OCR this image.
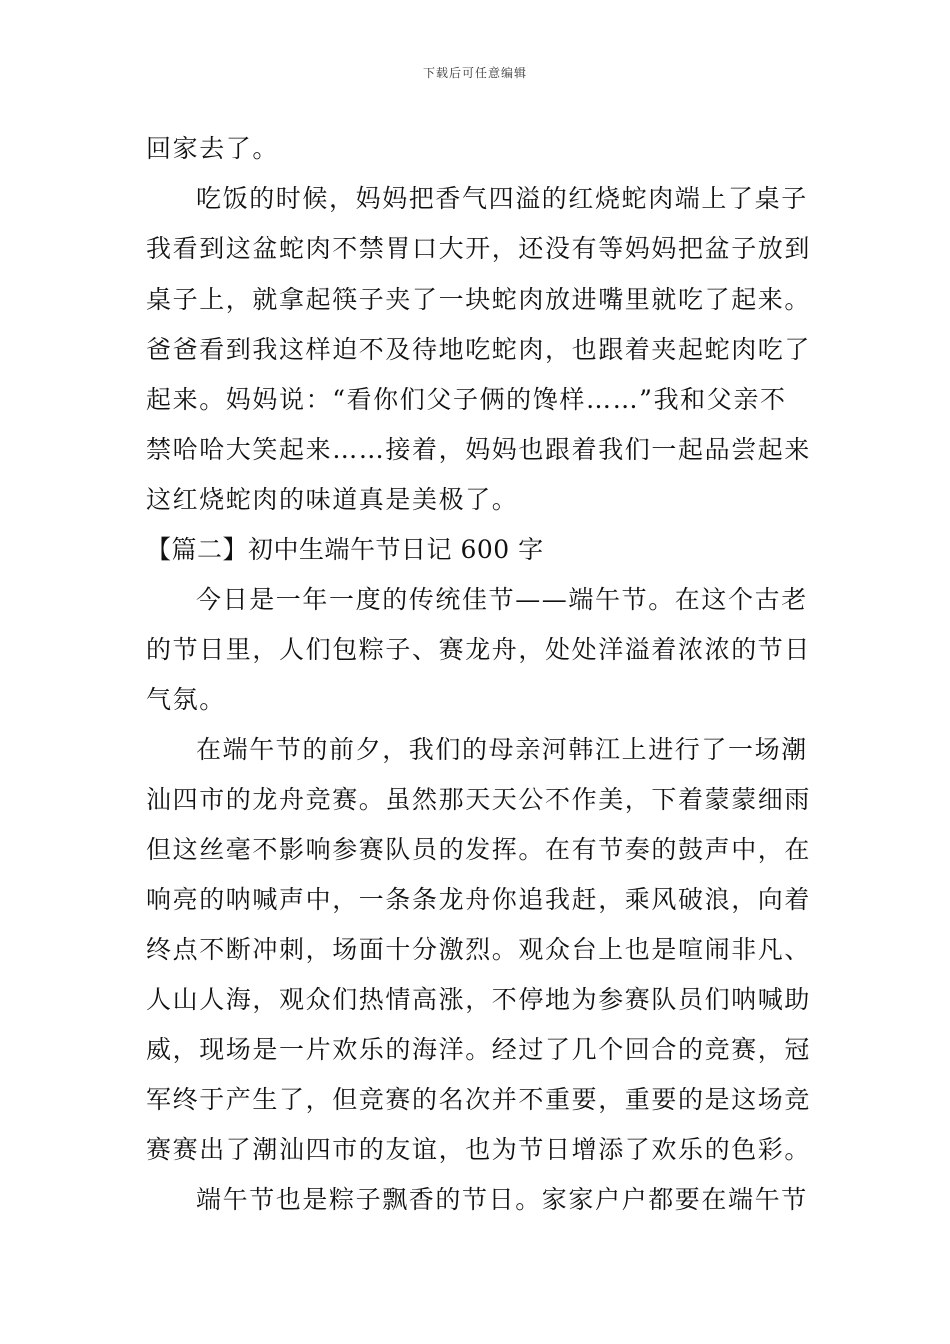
下载后可任意编辑
回家去了。
吃饭的时候，妈妈把香气四溢的红烧蛇肉端上了桌子
我看到这盆蛇肉不禁胃口大开，还没有等妈妈把盆子放到
桌子上，就拿起筷子夹了一块蛇肉放进嘴里就吃了起来。
爸爸看到我这样迫不及待地吃蛇肉，也跟着夹起蛇肉吃了
起来。妈妈说：“看你们父子俩的馋样……”我和父亲不
禁哈哈大笑起来……接着，妈妈也跟着我们一起品尝起来
这红烧蛇肉的味道真是美极了。
【篇二】初中生端午节日记 600 字
今日是一年一度的传统佳节——端午节。在这个古老
的节日里，人们包粽子、赛龙舟，处处洋溢着浓浓的节日
气氛。
在端午节的前夕，我们的母亲河韩江上进行了一场潮
汕四市的龙舟竞赛。虽然那天天公不作美，下着蒙蒙细雨
但这丝毫不影响参赛队员的发挥。在有节奏的鼓声中，在
响亮的呐喊声中，一条条龙舟你追我赶，乘风破浪，向着
终点不断冲刺，场面十分激烈。观众台上也是喧闹非凡、
人山人海，观众们热情高涨，不停地为参赛队员们呐喊助
威，现场是一片欢乐的海洋。经过了几个回合的竞赛，冠
军终于产生了，但竞赛的名次并不重要，重要的是这场竞
赛赛出了潮汕四市的友谊，也为节日增添了欢乐的色彩。
端午节也是粽子飘香的节日。家家户户都要在端午节
